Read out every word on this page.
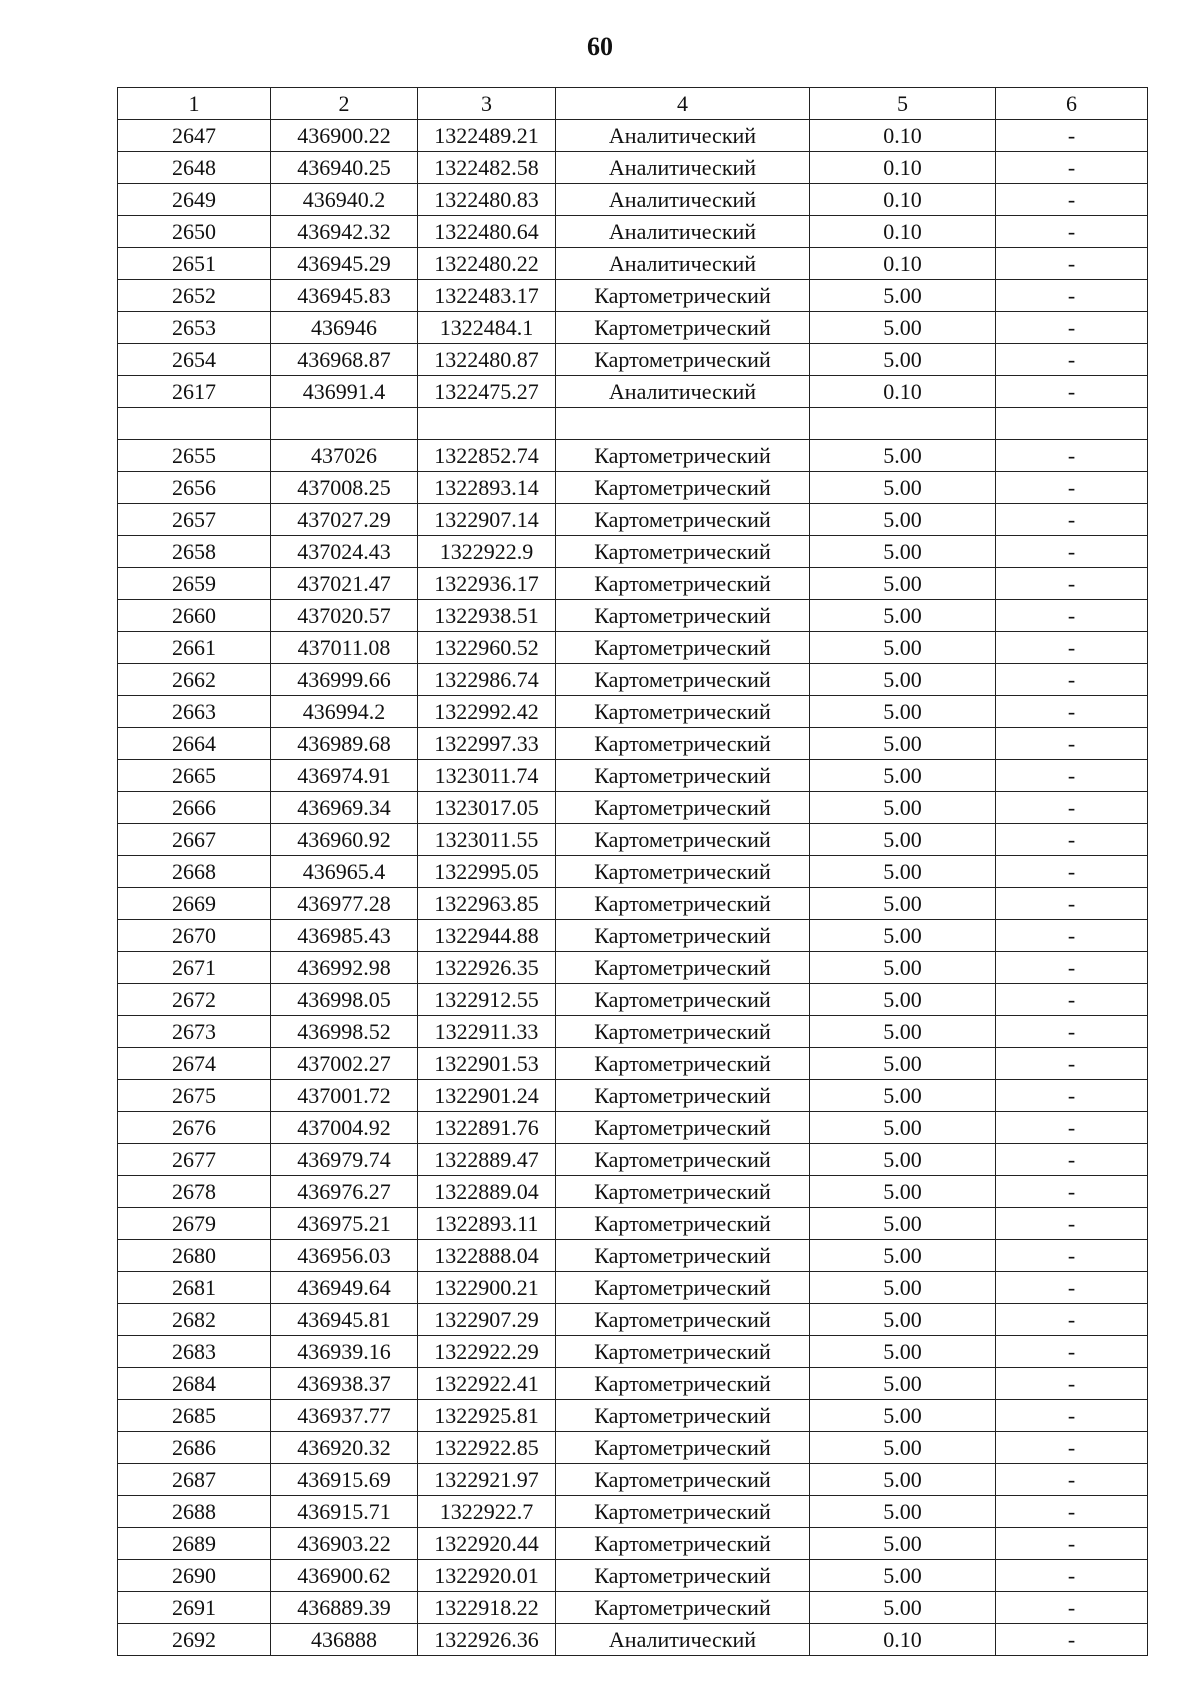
60
1	2	3	4	5	6
2647	436900.22	1322489.21	Аналитический	0.10	-
2648	436940.25	1322482.58	Аналитический	0.10	-
2649	436940.2	1322480.83	Аналитический	0.10	-
2650	436942.32	1322480.64	Аналитический	0.10	-
2651	436945.29	1322480.22	Аналитический	0.10	-
2652	436945.83	1322483.17	Картометрический	5.00	-
2653	436946	1322484.1	Картометрический	5.00	-
2654	436968.87	1322480.87	Картометрический	5.00	-
2617	436991.4	1322475.27	Аналитический	0.10	-

2655	437026	1322852.74	Картометрический	5.00	-
2656	437008.25	1322893.14	Картометрический	5.00	-
2657	437027.29	1322907.14	Картометрический	5.00	-
2658	437024.43	1322922.9	Картометрический	5.00	-
2659	437021.47	1322936.17	Картометрический	5.00	-
2660	437020.57	1322938.51	Картометрический	5.00	-
2661	437011.08	1322960.52	Картометрический	5.00	-
2662	436999.66	1322986.74	Картометрический	5.00	-
2663	436994.2	1322992.42	Картометрический	5.00	-
2664	436989.68	1322997.33	Картометрический	5.00	-
2665	436974.91	1323011.74	Картометрический	5.00	-
2666	436969.34	1323017.05	Картометрический	5.00	-
2667	436960.92	1323011.55	Картометрический	5.00	-
2668	436965.4	1322995.05	Картометрический	5.00	-
2669	436977.28	1322963.85	Картометрический	5.00	-
2670	436985.43	1322944.88	Картометрический	5.00	-
2671	436992.98	1322926.35	Картометрический	5.00	-
2672	436998.05	1322912.55	Картометрический	5.00	-
2673	436998.52	1322911.33	Картометрический	5.00	-
2674	437002.27	1322901.53	Картометрический	5.00	-
2675	437001.72	1322901.24	Картометрический	5.00	-
2676	437004.92	1322891.76	Картометрический	5.00	-
2677	436979.74	1322889.47	Картометрический	5.00	-
2678	436976.27	1322889.04	Картометрический	5.00	-
2679	436975.21	1322893.11	Картометрический	5.00	-
2680	436956.03	1322888.04	Картометрический	5.00	-
2681	436949.64	1322900.21	Картометрический	5.00	-
2682	436945.81	1322907.29	Картометрический	5.00	-
2683	436939.16	1322922.29	Картометрический	5.00	-
2684	436938.37	1322922.41	Картометрический	5.00	-
2685	436937.77	1322925.81	Картометрический	5.00	-
2686	436920.32	1322922.85	Картометрический	5.00	-
2687	436915.69	1322921.97	Картометрический	5.00	-
2688	436915.71	1322922.7	Картометрический	5.00	-
2689	436903.22	1322920.44	Картометрический	5.00	-
2690	436900.62	1322920.01	Картометрический	5.00	-
2691	436889.39	1322918.22	Картометрический	5.00	-
2692	436888	1322926.36	Аналитический	0.10	-
